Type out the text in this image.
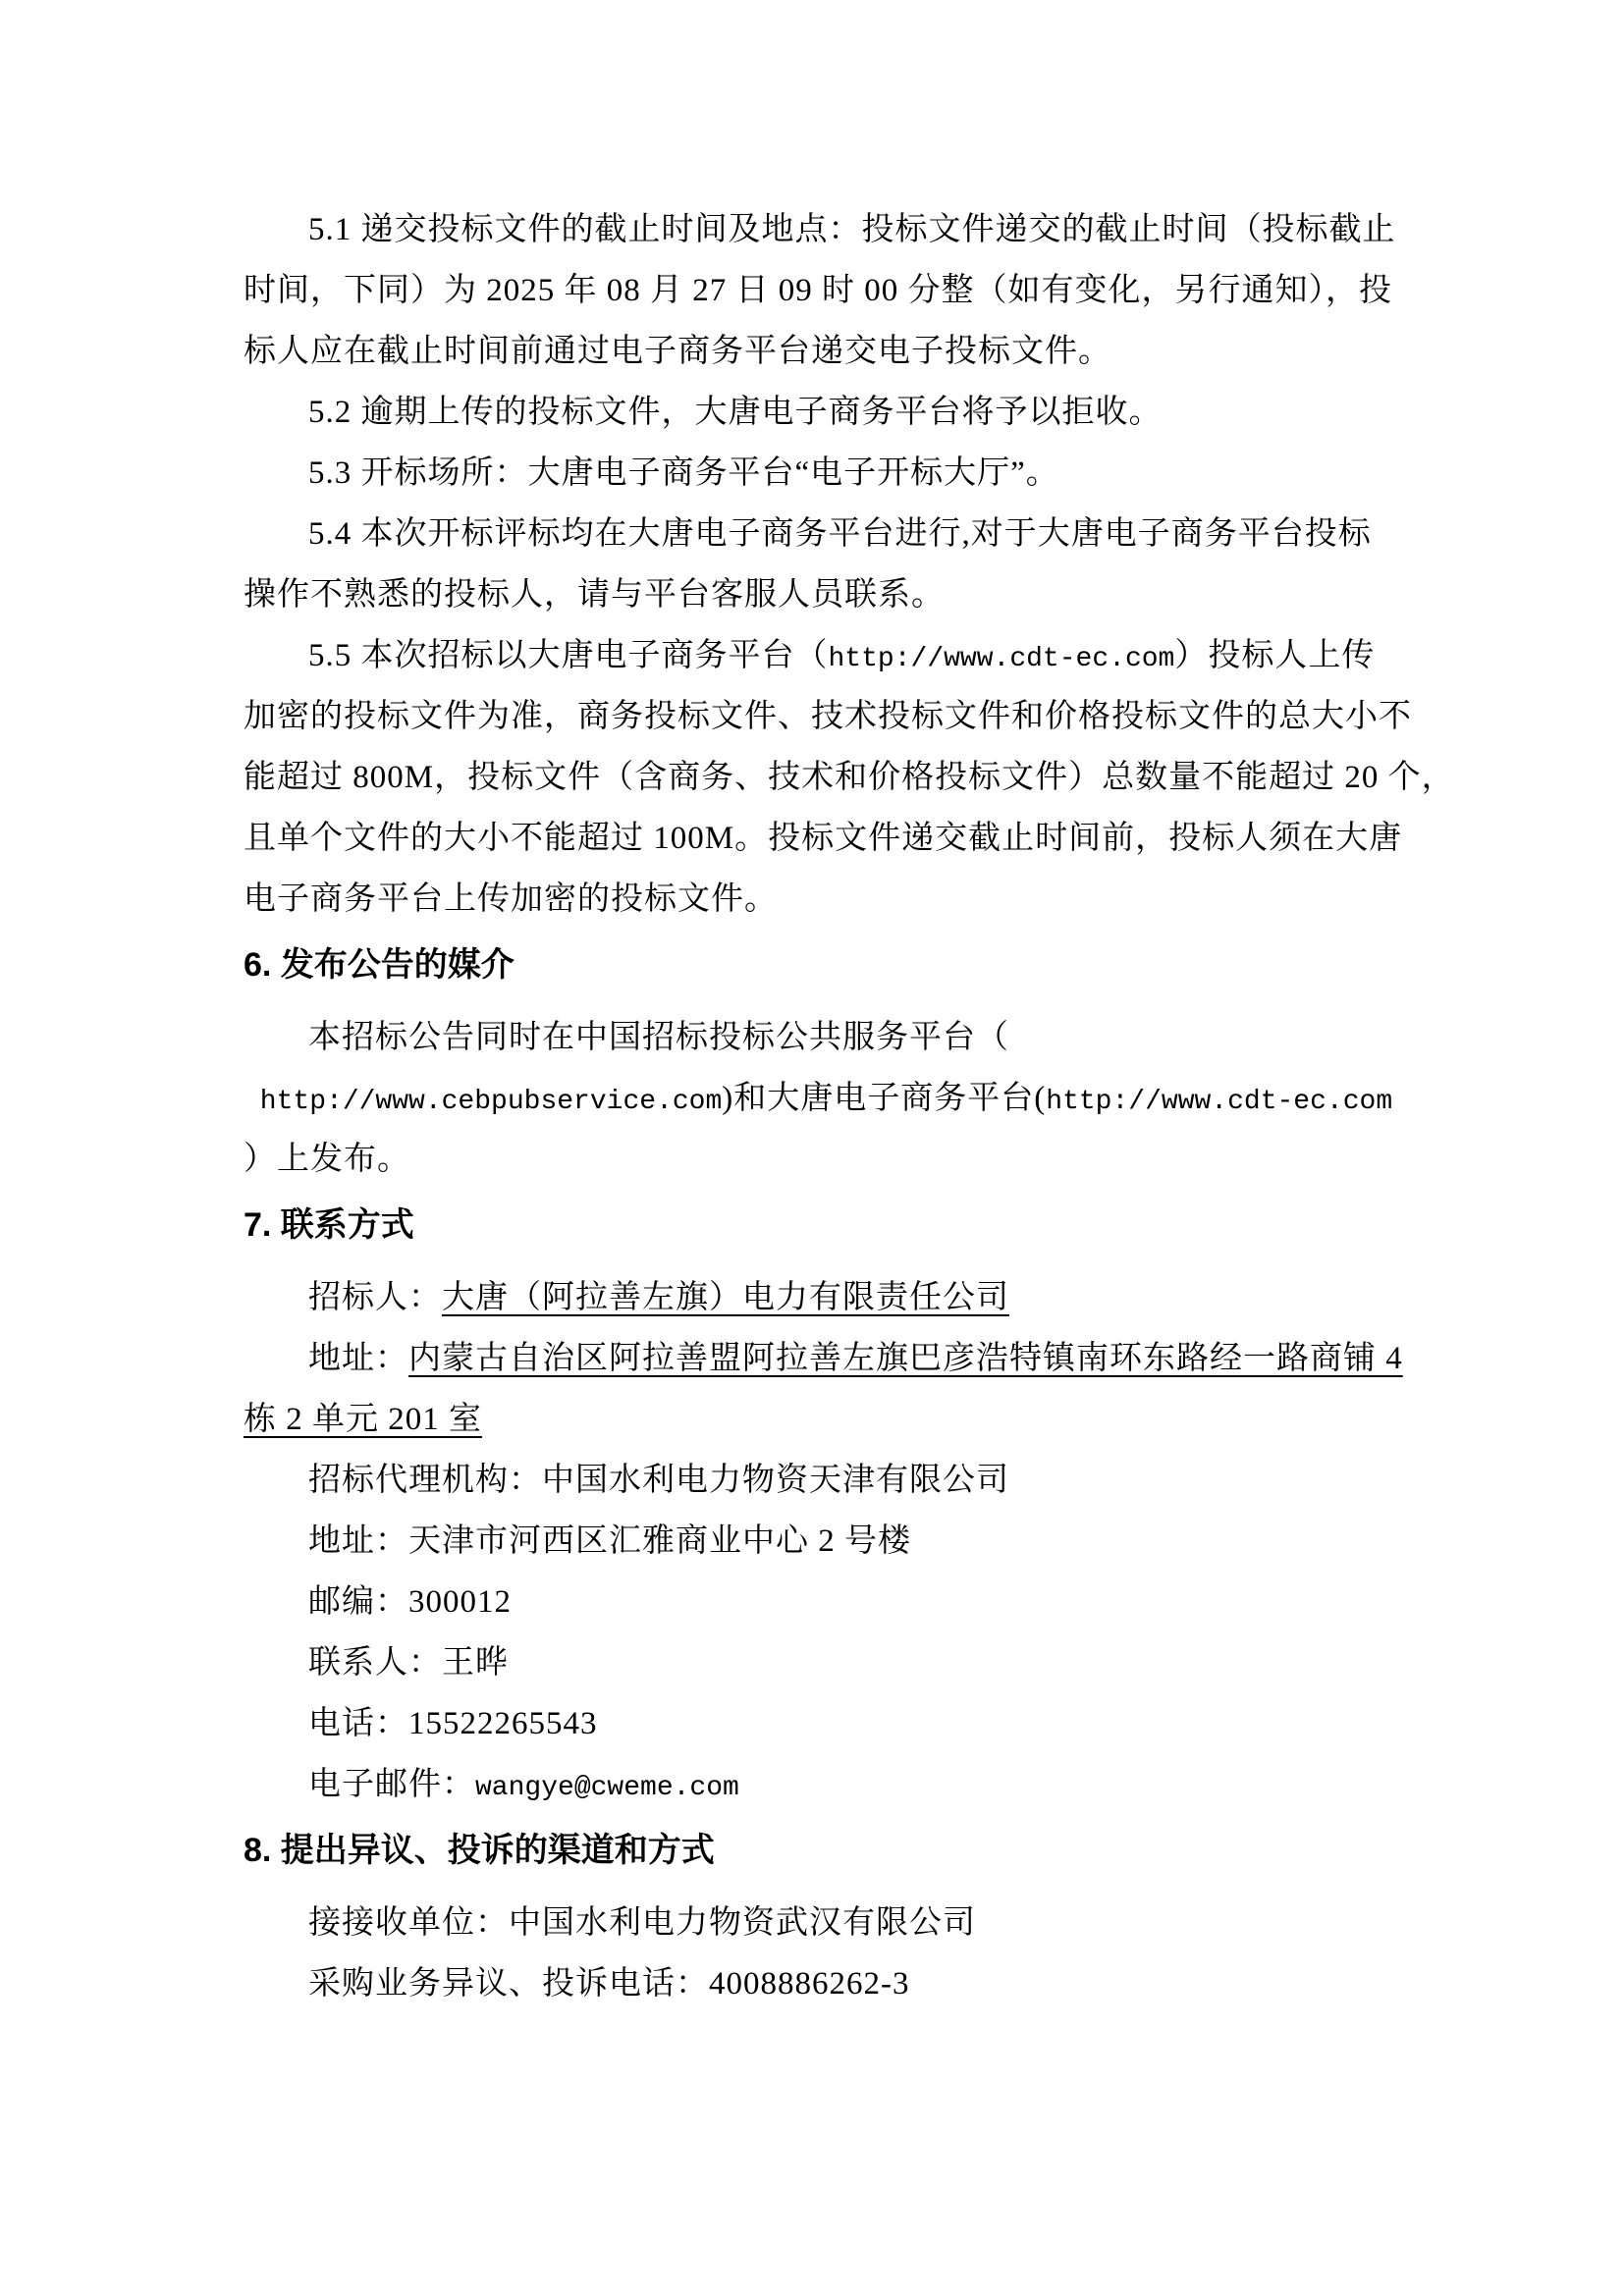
5.1 递交投标文件的截止时间及地点：投标文件递交的截止时间（投标截止
时间，下同）为 2025 年 08 月 27 日 09 时 00 分整（如有变化，另行通知），投
标人应在截止时间前通过电子商务平台递交电子投标文件。
5.2 逾期上传的投标文件，大唐电子商务平台将予以拒收。
5.3 开标场所：大唐电子商务平台“电子开标大厅”。
5.4 本次开标评标均在大唐电子商务平台进行,对于大唐电子商务平台投标
操作不熟悉的投标人，请与平台客服人员联系。
5.5 本次招标以大唐电子商务平台（http://www.cdt-ec.com）投标人上传
加密的投标文件为准，商务投标文件、技术投标文件和价格投标文件的总大小不
能超过 800M，投标文件（含商务、技术和价格投标文件）总数量不能超过 20 个，
且单个文件的大小不能超过 100M。投标文件递交截止时间前，投标人须在大唐
电子商务平台上传加密的投标文件。
6. 发布公告的媒介
本招标公告同时在中国招标投标公共服务平台（
http://www.cebpubservice.com)和大唐电子商务平台(http://www.cdt-ec.com
）上发布。
7. 联系方式
招标人：大唐（阿拉善左旗）电力有限责任公司
地址：内蒙古自治区阿拉善盟阿拉善左旗巴彦浩特镇南环东路经一路商铺 4
栋 2 单元 201 室
招标代理机构：中国水利电力物资天津有限公司
地址：天津市河西区汇雅商业中心 2 号楼
邮编：300012
联系人：王晔
电话：15522265543
电子邮件：wangye@cweme.com
8. 提出异议、投诉的渠道和方式
接接收单位：中国水利电力物资武汉有限公司
采购业务异议、投诉电话：4008886262-3
